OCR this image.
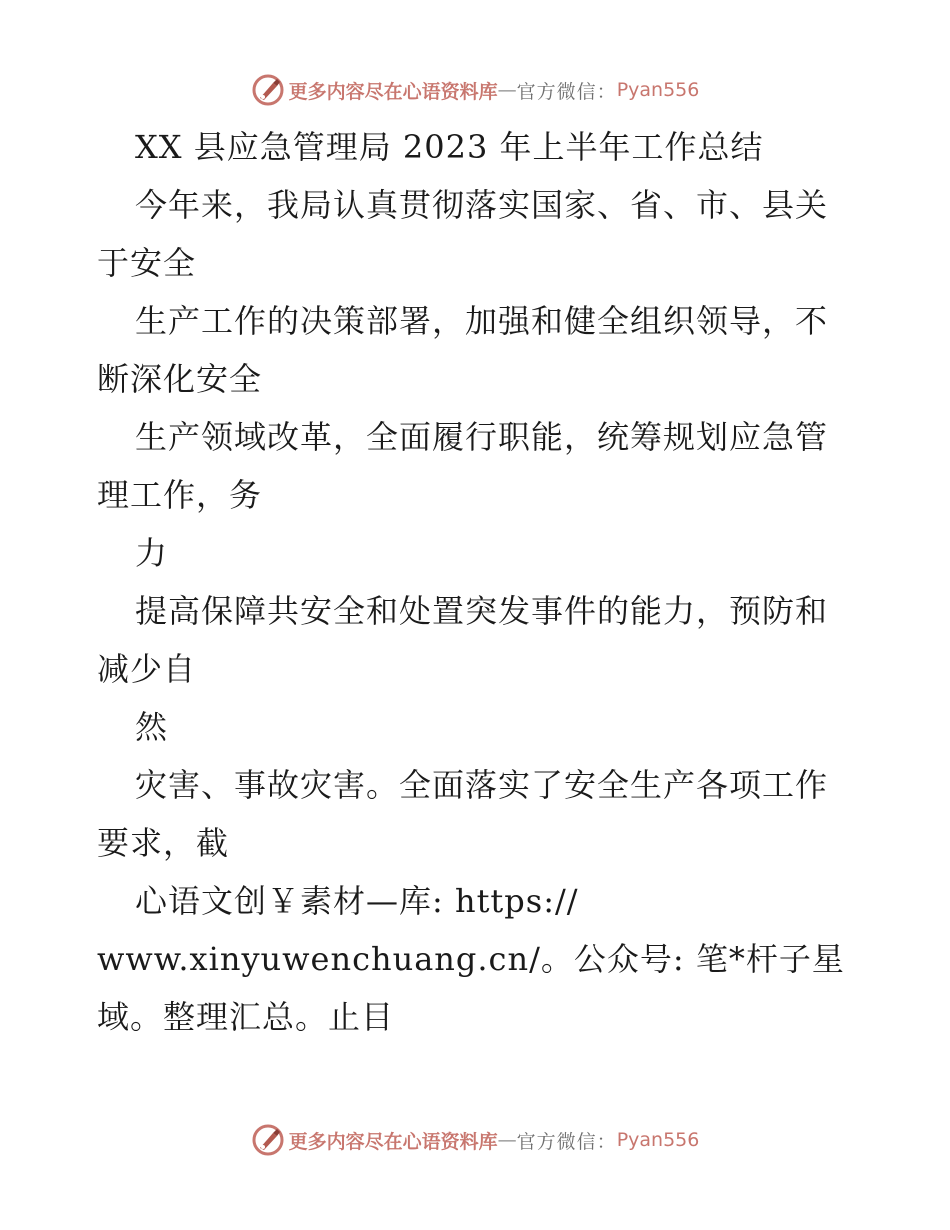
更多内容尽在心语资料库 — 官方微信： Pyan556
XX 县应急管理局 2023 年上半年工作总结
今年来，我局认真贯彻落实国家、省、市、县关
于安全
生产工作的决策部署，加强和健全组织领导，不
断深化安全
生产领域改革，全面履行职能，统筹规划应急管
理工作，务
力
提高保障共安全和处置突发事件的能力，预防和
减少自
然
灾害、事故灾害。全面落实了安全生产各项工作
要求，截
心语文创￥素材—库: https://
www.xinyuwenchuang.cn/。公众号: 笔*杆子星
域。整理汇总。止目
更多内容尽在心语资料库 — 官方微信： Pyan556
